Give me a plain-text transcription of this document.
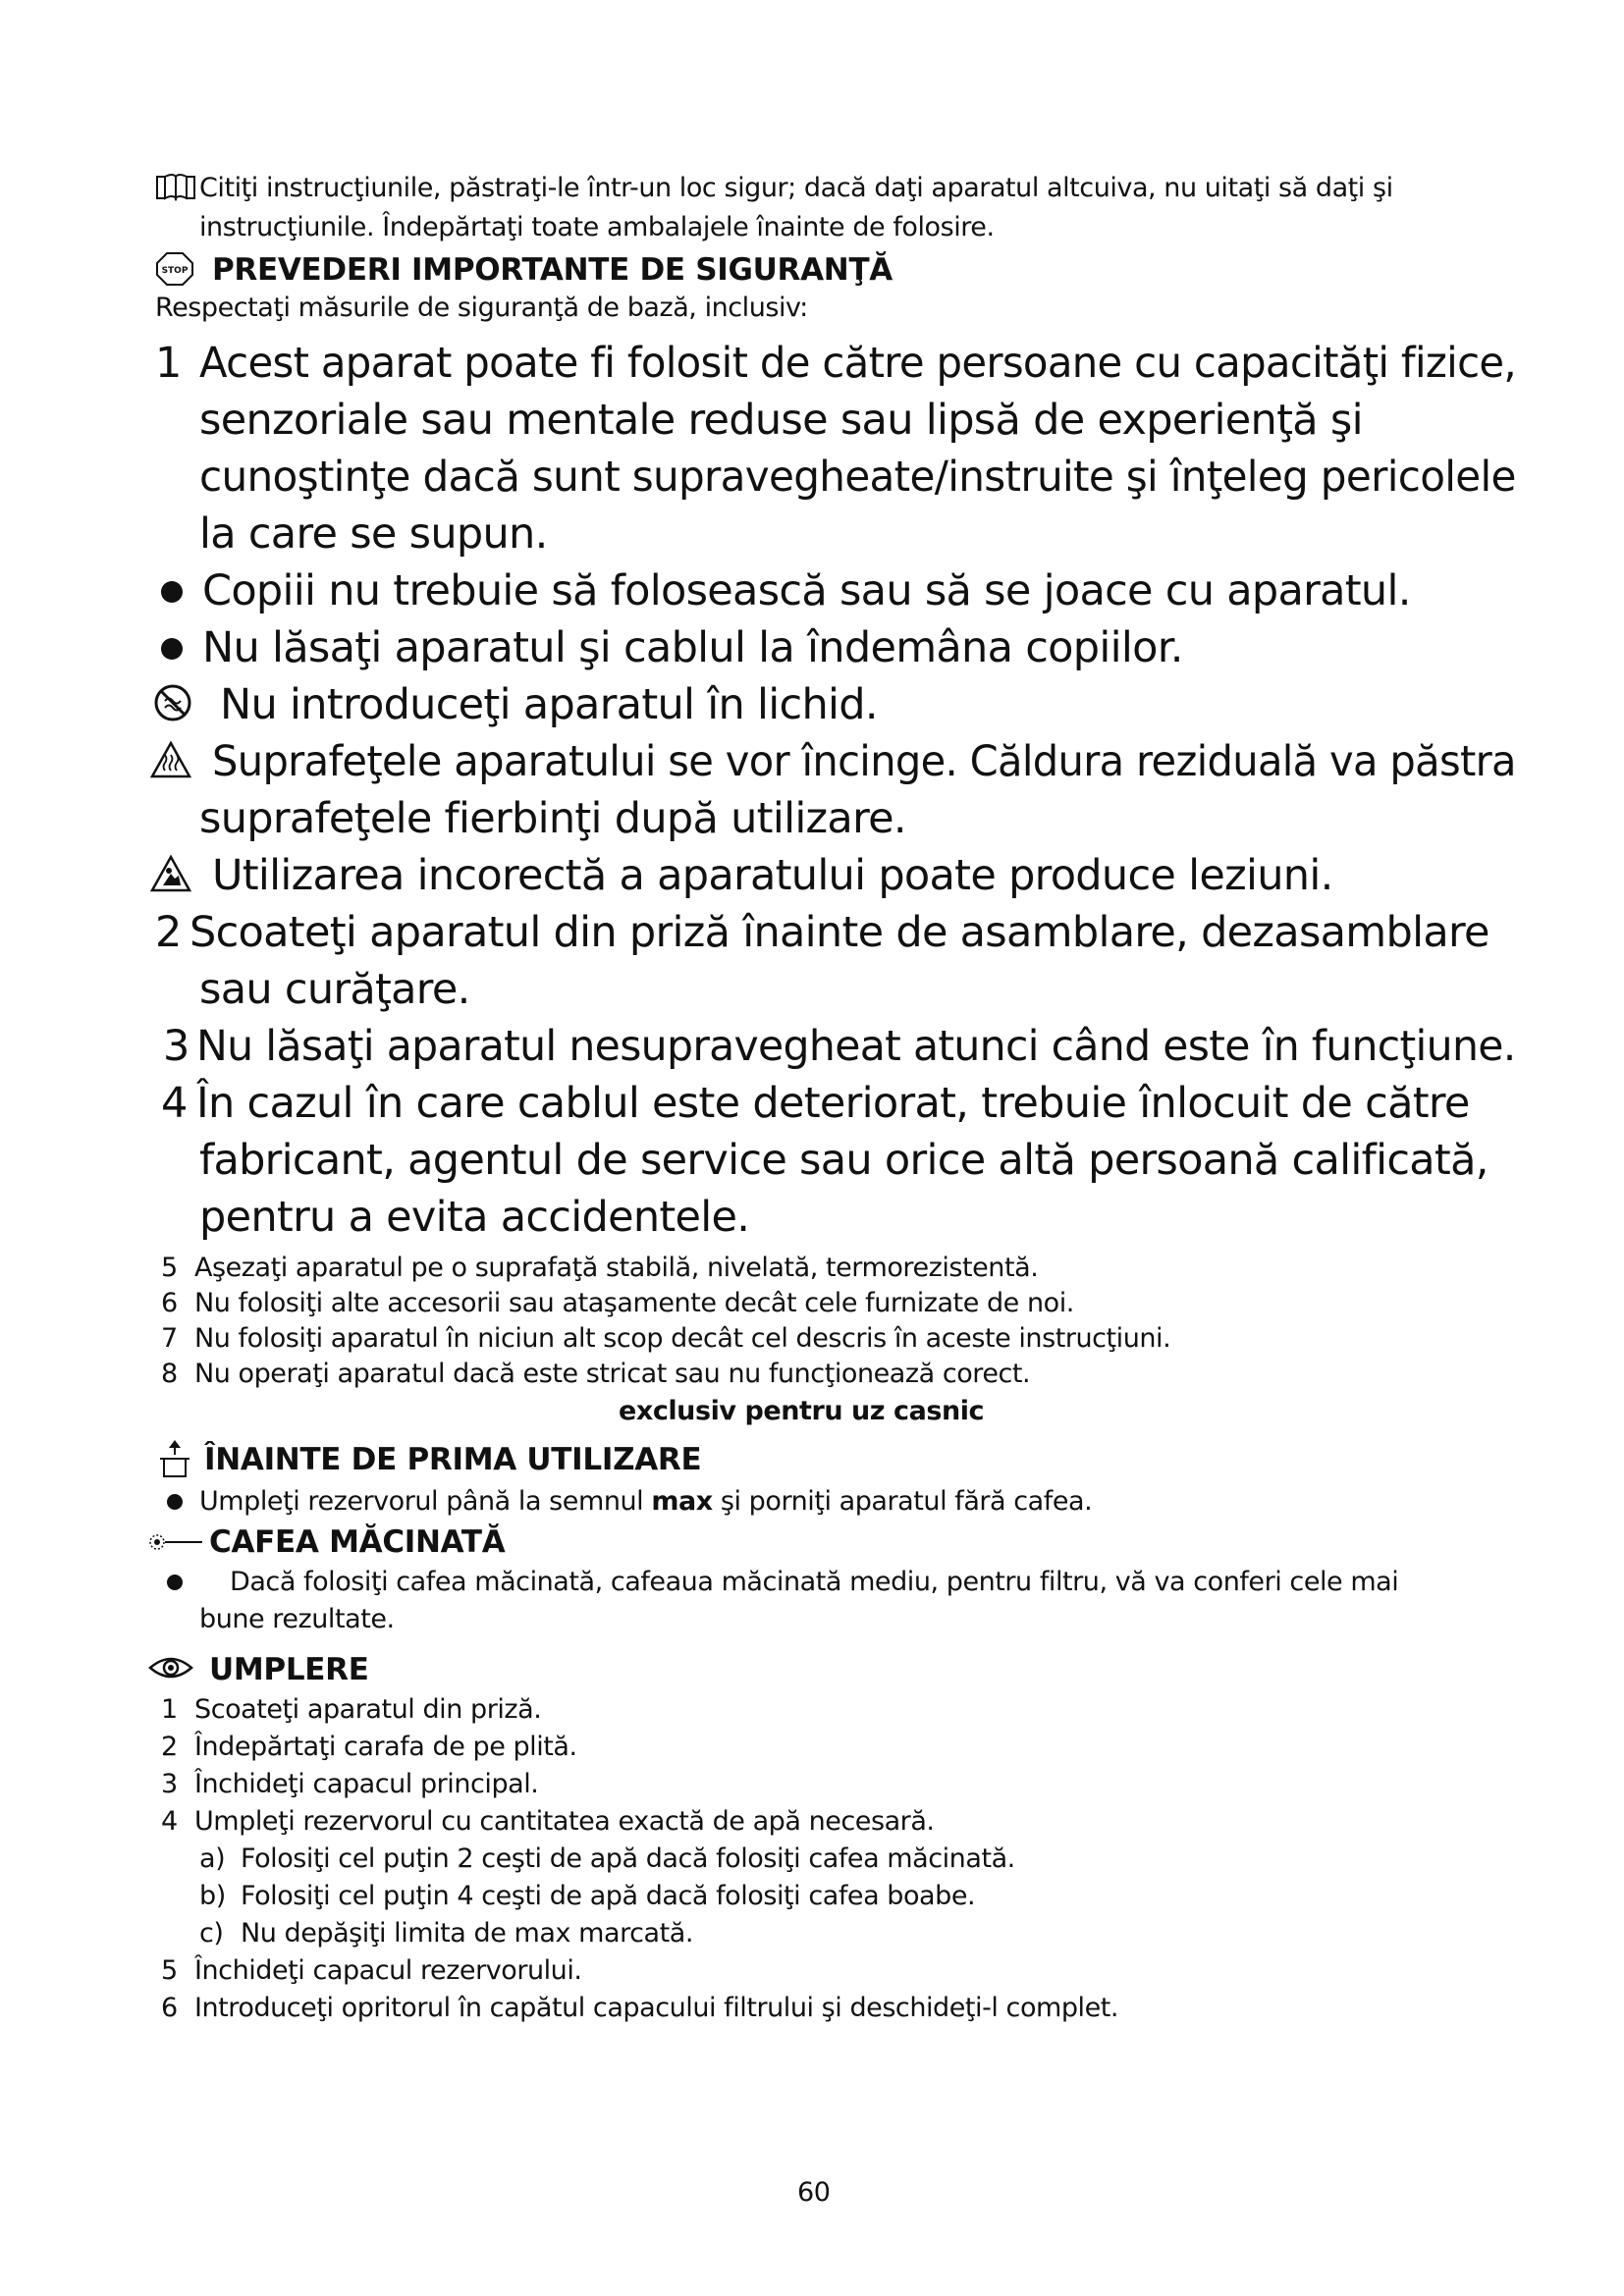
Citiţi instrucţiunile, păstraţi-le într-un loc sigur; dacă daţi aparatul altcuiva, nu uitaţi să daţi şi
instrucţiunile. Îndepărtaţi toate ambalajele înainte de folosire.
STOP PREVEDERI IMPORTANTE DE SIGURANŢĂ
Respectaţi măsurile de siguranţă de bază, inclusiv:
1 Acest aparat poate fi folosit de către persoane cu capacităţi fizice,
senzoriale sau mentale reduse sau lipsă de experienţă şi
cunoştinţe dacă sunt supravegheate/instruite şi înţeleg pericolele
la care se supun.
Copiii nu trebuie să folosească sau să se joace cu aparatul.
Nu lăsaţi aparatul şi cablul la îndemâna copiilor.
Nu introduceţi aparatul în lichid.
Suprafeţele aparatului se vor încinge. Căldura reziduală va păstra
suprafeţele fierbinţi după utilizare.
Utilizarea incorectă a aparatului poate produce leziuni.
2 Scoateţi aparatul din priză înainte de asamblare, dezasamblare
sau curăţare.
3 Nu lăsaţi aparatul nesupravegheat atunci când este în funcţiune.
4 În cazul în care cablul este deteriorat, trebuie înlocuit de către
fabricant, agentul de service sau orice altă persoană calificată,
pentru a evita accidentele.
5 Aşezaţi aparatul pe o suprafaţă stabilă, nivelată, termorezistentă.
6 Nu folosiţi alte accesorii sau ataşamente decât cele furnizate de noi.
7 Nu folosiţi aparatul în niciun alt scop decât cel descris în aceste instrucţiuni.
8 Nu operaţi aparatul dacă este stricat sau nu funcţionează corect.
exclusiv pentru uz casnic
ÎNAINTE DE PRIMA UTILIZARE
Umpleţi rezervorul până la semnul max şi porniţi aparatul fără cafea.
CAFEA MĂCINATĂ
Dacă folosiţi cafea măcinată, cafeaua măcinată mediu, pentru filtru, vă va conferi cele mai
bune rezultate.
UMPLERE
1 Scoateţi aparatul din priză.
2 Îndepărtaţi carafa de pe plită.
3 Închideţi capacul principal.
4 Umpleţi rezervorul cu cantitatea exactă de apă necesară.
a) Folosiţi cel puţin 2 ceşti de apă dacă folosiţi cafea măcinată.
b) Folosiţi cel puţin 4 ceşti de apă dacă folosiţi cafea boabe.
c) Nu depăşiţi limita de max marcată.
5 Închideţi capacul rezervorului.
6 Introduceţi opritorul în capătul capacului filtrului şi deschideţi-l complet.
60
